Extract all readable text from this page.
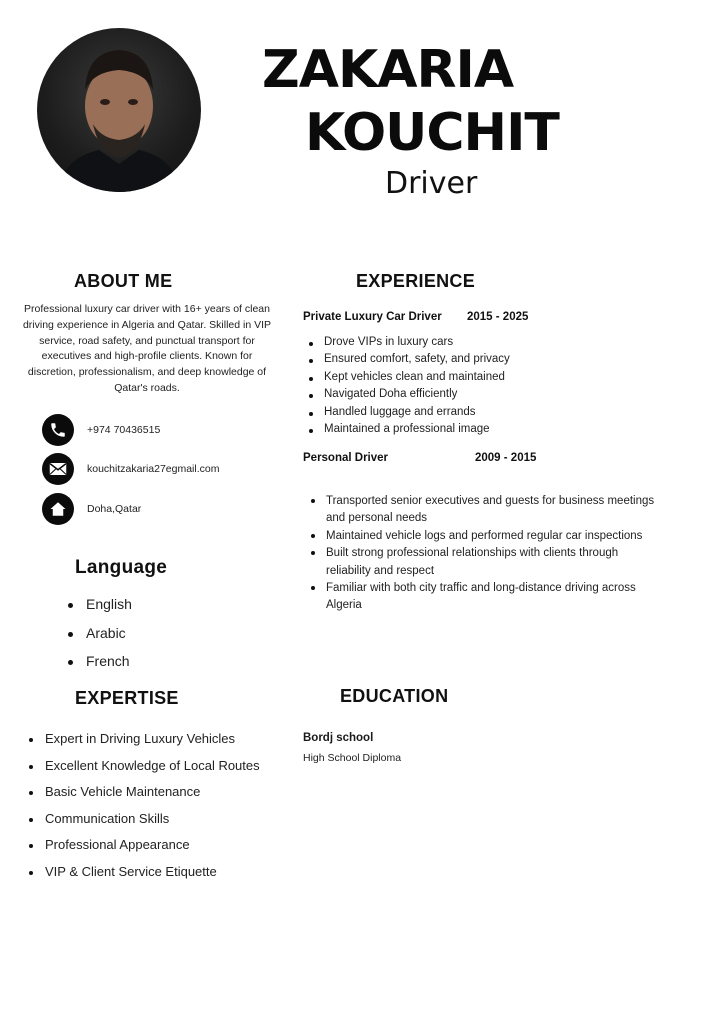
ZAKARIA
KOUCHIT
Driver
ABOUT ME
Professional luxury car driver with 16+ years of clean driving experience in Algeria and Qatar. Skilled in VIP service, road safety, and punctual transport for executives and high-profile clients. Known for discretion, professionalism, and deep knowledge of Qatar's roads.
+974 70436515
kouchitzakaria27egmail.com
Doha,Qatar
Language
English
Arabic
French
EXPERIENCE
Private Luxury Car Driver 2015 - 2025
Drove VIPs in luxury cars
Ensured comfort, safety, and privacy
Kept vehicles clean and maintained
Navigated Doha efficiently
Handled luggage and errands
Maintained a professional image
Personal Driver	2009 - 2015
Transported senior executives and guests for business meetings and personal needs
Maintained vehicle logs and performed regular car inspections
Built strong professional relationships with clients through reliability and respect
Familiar with both city traffic and long-distance driving across Algeria
EXPERTISE
Expert in Driving Luxury Vehicles
Excellent Knowledge of Local Routes
Basic Vehicle Maintenance
Communication Skills
Professional Appearance
VIP & Client Service Etiquette
EDUCATION
Bordj school
High School Diploma
